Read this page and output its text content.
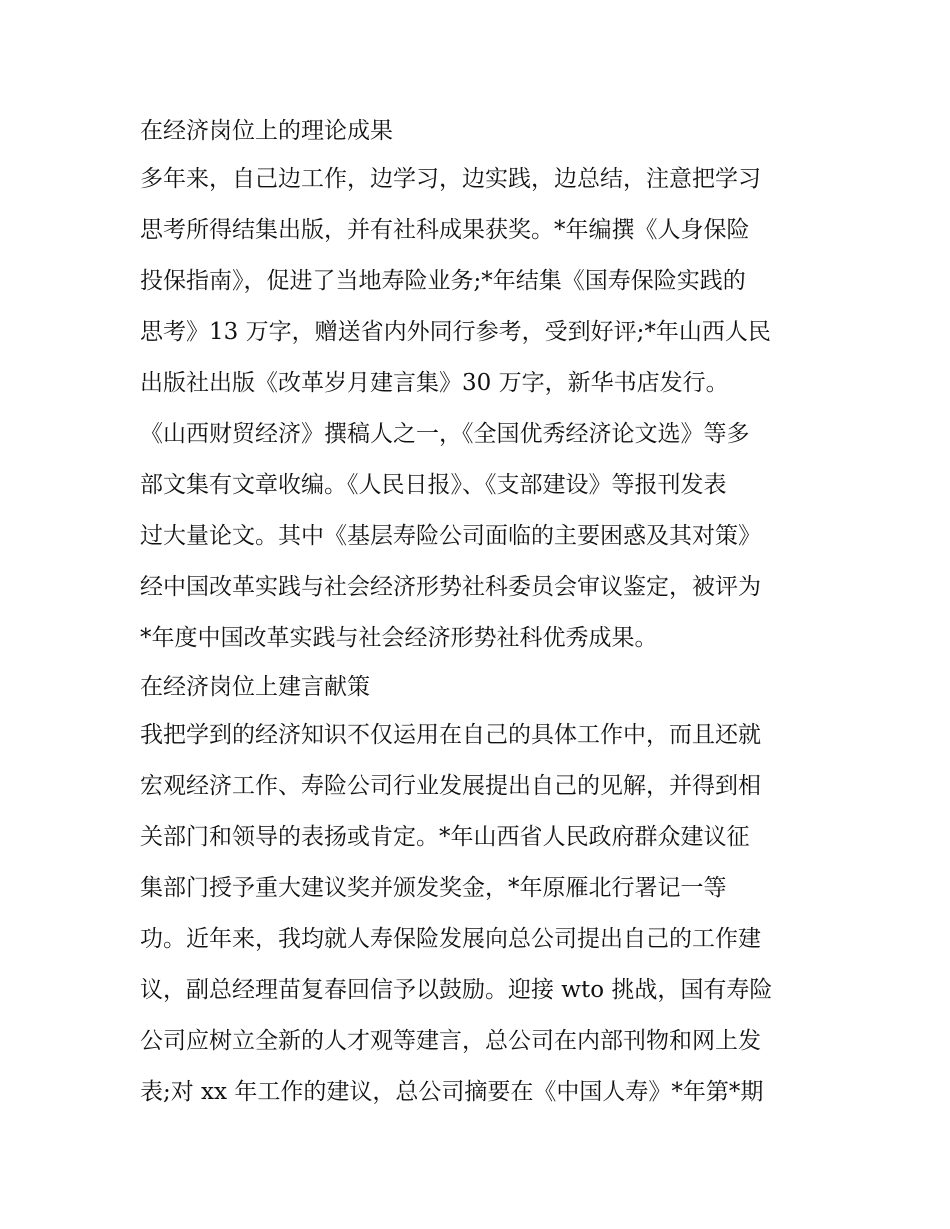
在经济岗位上的理论成果
多年来，自己边工作，边学习，边实践，边总结，注意把学习
思考所得结集出版，并有社科成果获奖。*年编撰《人身保险
投保指南》，促进了当地寿险业务;*年结集《国寿保险实践的
思考》13 万字，赠送省内外同行参考，受到好评;*年山西人民
出版社出版《改革岁月建言集》30 万字，新华书店发行。
《山西财贸经济》撰稿人之一，《全国优秀经济论文选》等多
部文集有文章收编。《人民日报》、《支部建设》等报刊发表
过大量论文。其中《基层寿险公司面临的主要困惑及其对策》
经中国改革实践与社会经济形势社科委员会审议鉴定，被评为
*年度中国改革实践与社会经济形势社科优秀成果。
在经济岗位上建言献策
我把学到的经济知识不仅运用在自己的具体工作中，而且还就
宏观经济工作、寿险公司行业发展提出自己的见解，并得到相
关部门和领导的表扬或肯定。*年山西省人民政府群众建议征
集部门授予重大建议奖并颁发奖金，*年原雁北行署记一等
功。近年来，我均就人寿保险发展向总公司提出自己的工作建
议，副总经理苗复春回信予以鼓励。迎接 wto 挑战，国有寿险
公司应树立全新的人才观等建言，总公司在内部刊物和网上发
表;对 xx 年工作的建议，总公司摘要在《中国人寿》*年第*期
